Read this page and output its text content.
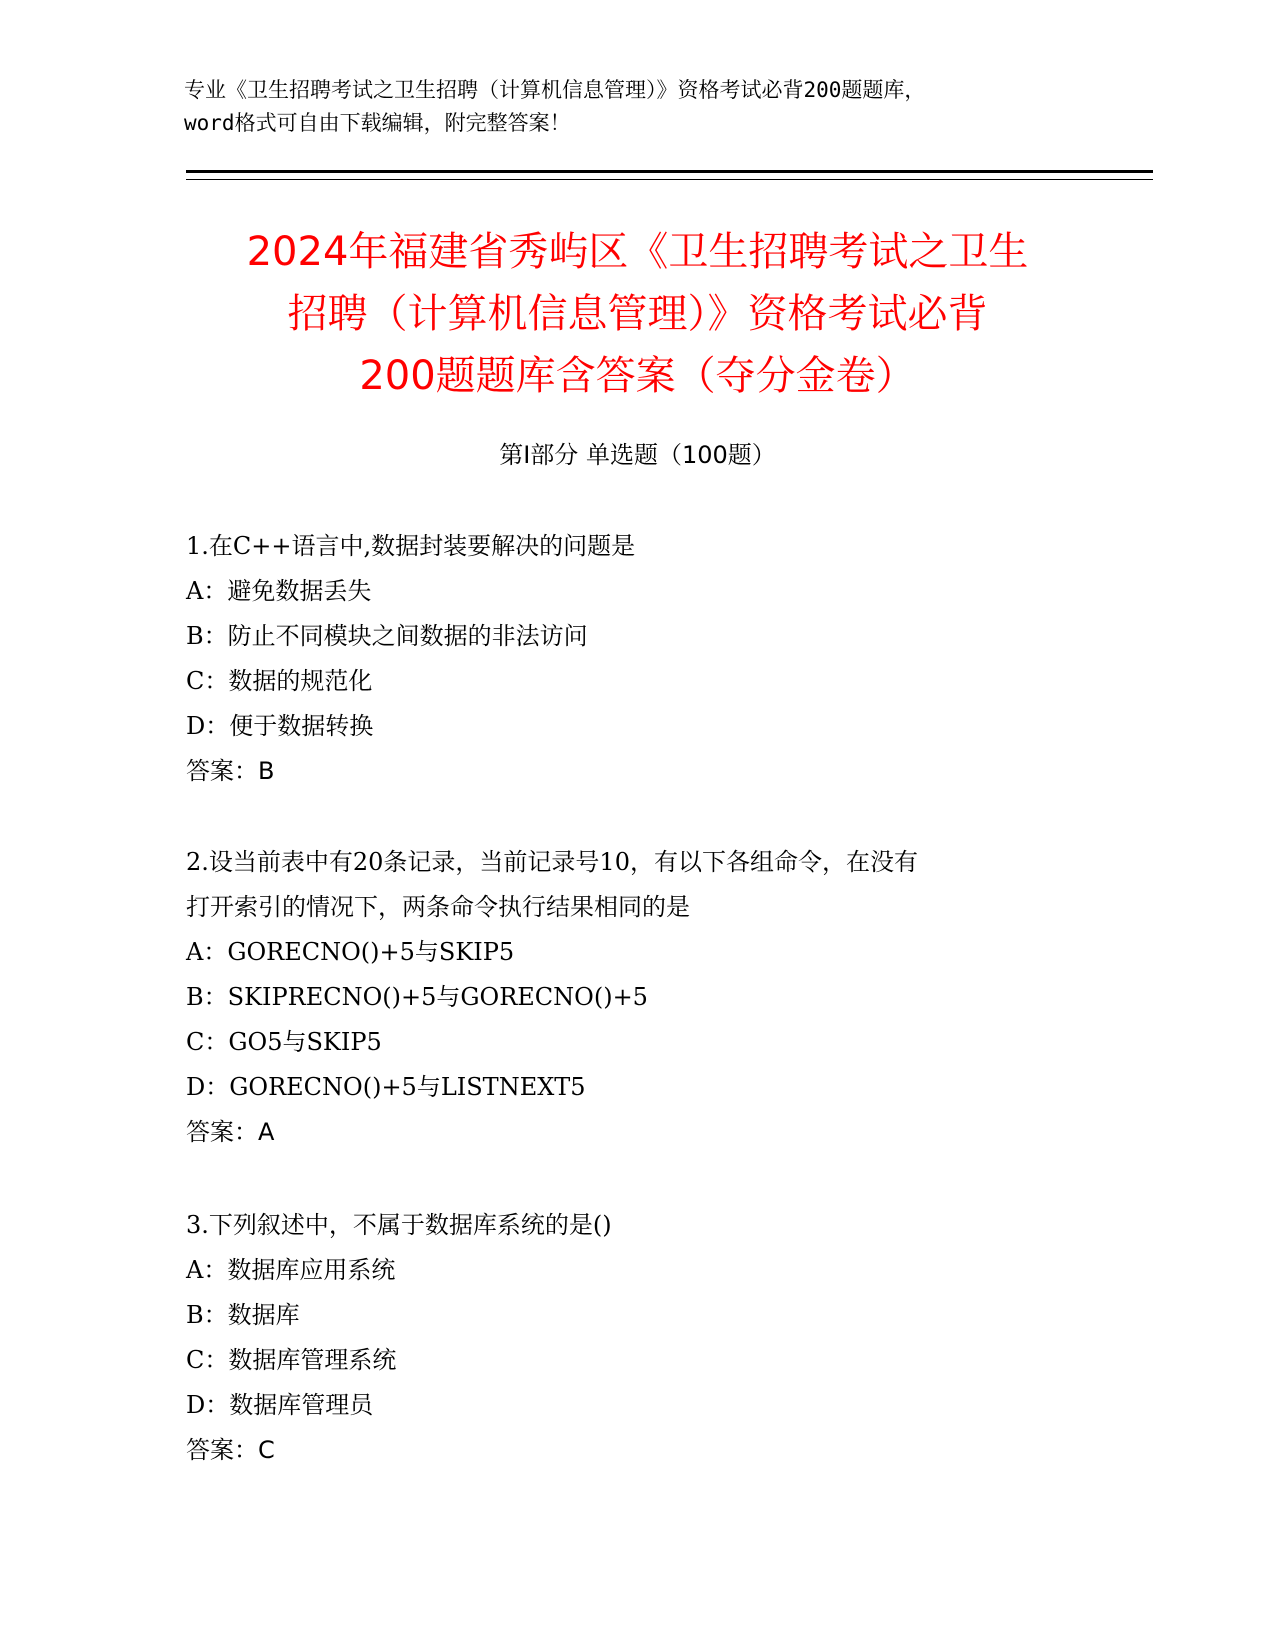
专业《卫生招聘考试之卫生招聘（计算机信息管理）》资格考试必背200题题库，
word格式可自由下载编辑，附完整答案！
2024年福建省秀屿区《卫生招聘考试之卫生
招聘（计算机信息管理）》资格考试必背
200题题库含答案（夺分金卷）
第Ⅰ部分 单选题（100题）
1.在C++语言中,数据封装要解决的问题是
A：避免数据丢失
B：防止不同模块之间数据的非法访问
C：数据的规范化
D：便于数据转换
答案：B
2.设当前表中有20条记录，当前记录号10，有以下各组命令，在没有
打开索引的情况下，两条命令执行结果相同的是
A：GORECNO()+5与SKIP5
B：SKIPRECNO()+5与GORECNO()+5
C：GO5与SKIP5
D：GORECNO()+5与LISTNEXT5
答案：A
3.下列叙述中，不属于数据库系统的是()
A：数据库应用系统
B：数据库
C：数据库管理系统
D：数据库管理员
答案：C
